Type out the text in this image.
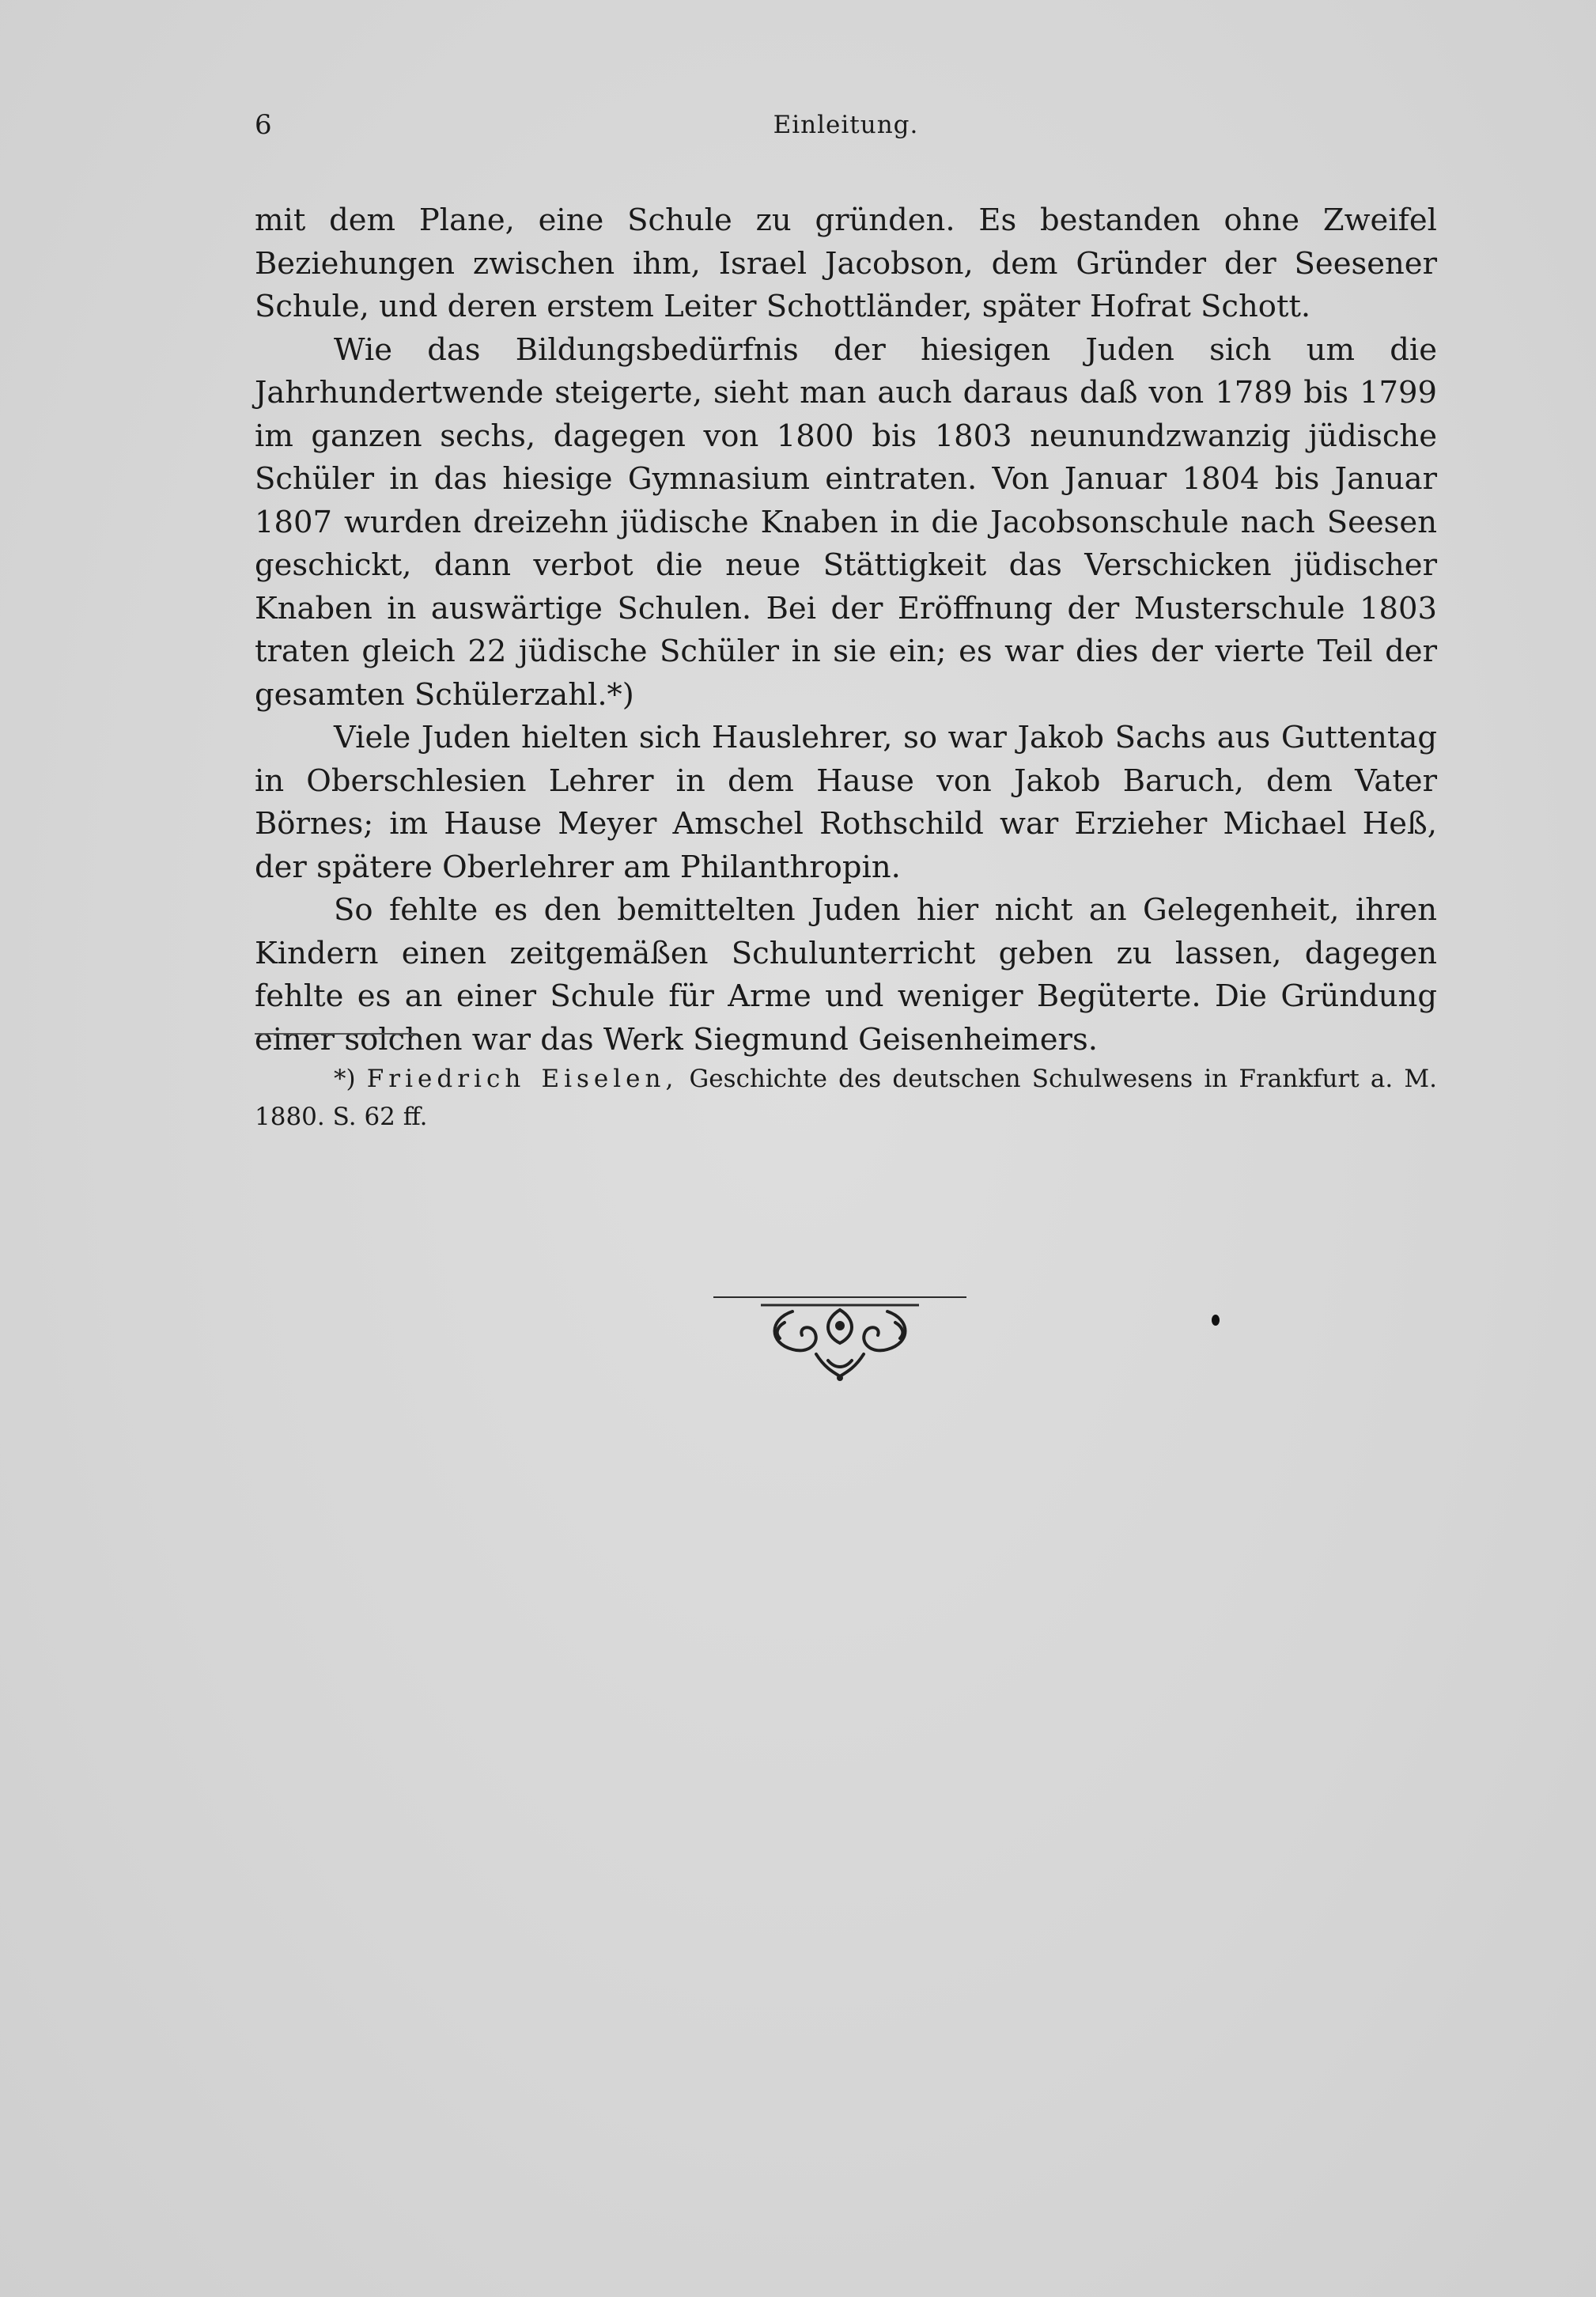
6	Einleitung.

mit dem Plane, eine Schule zu gründen. Es bestanden ohne Zweifel Beziehungen zwischen ihm, Israel Jacobson, dem Gründer der Seesener Schule, und deren erstem Leiter Schottländer, später Hofrat Schott.

Wie das Bildungsbedürfnis der hiesigen Juden sich um die Jahrhundertwende steigerte, sieht man auch daraus daß von 1789 bis 1799 im ganzen sechs, dagegen von 1800 bis 1803 neunundzwanzig jüdische Schüler in das hiesige Gymnasium eintraten. Von Januar 1804 bis Januar 1807 wurden dreizehn jüdische Knaben in die Jacobsonschule nach Seesen geschickt, dann verbot die neue Stättigkeit das Verschicken jüdischer Knaben in auswärtige Schulen. Bei der Eröffnung der Musterschule 1803 traten gleich 22 jüdische Schüler in sie ein; es war dies der vierte Teil der gesamten Schülerzahl.*)

Viele Juden hielten sich Hauslehrer, so war Jakob Sachs aus Guttentag in Oberschlesien Lehrer in dem Hause von Jakob Baruch, dem Vater Börnes; im Hause Meyer Amschel Rothschild war Erzieher Michael Heß, der spätere Oberlehrer am Philanthropin.

So fehlte es den bemittelten Juden hier nicht an Gelegenheit, ihren Kindern einen zeitgemäßen Schulunterricht geben zu lassen, dagegen fehlte es an einer Schule für Arme und weniger Begüterte. Die Gründung einer solchen war das Werk Siegmund Geisenheimers.

*) Friedrich Eiselen, Geschichte des deutschen Schulwesens in Frankfurt a. M. 1880. S. 62 ff.
